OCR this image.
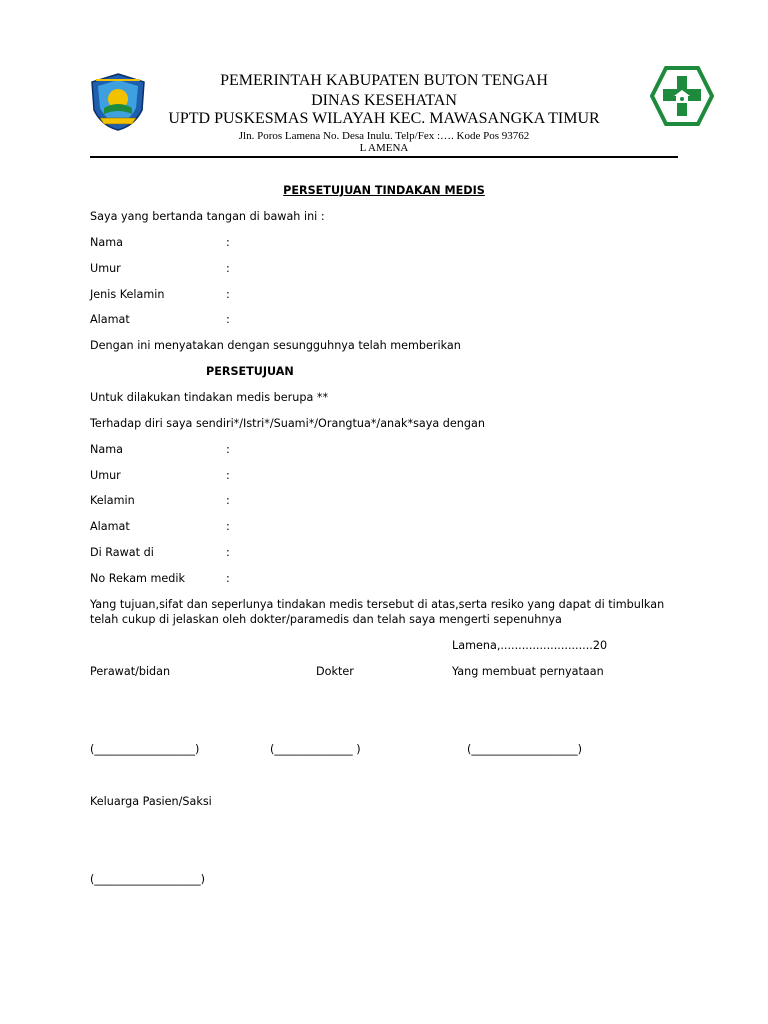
PEMERINTAH KABUPATEN BUTON TENGAH
DINAS KESEHATAN
UPTD PUSKESMAS WILAYAH KEC. MAWASANGKA TIMUR
Jln. Poros Lamena No. Desa Inulu. Telp/Fex :…. Kode Pos 93762
L AMENA
PERSETUJUAN TINDAKAN MEDIS
Saya yang bertanda tangan di bawah ini :
Nama	:
Umur	:
Jenis Kelamin	:
Alamat	:
Dengan ini menyatakan dengan sesungguhnya telah memberikan
PERSETUJUAN
Untuk dilakukan tindakan medis berupa **
Terhadap diri saya sendiri*/Istri*/Suami*/Orangtua*/anak*saya dengan
Nama	:
Umur	:
Kelamin	:
Alamat	:
Di Rawat di	:
No Rekam medik	:
Yang tujuan,sifat dan seperlunya tindakan medis tersebut di atas,serta resiko yang dapat di timbulkan
telah cukup di jelaskan oleh dokter/paramedis dan telah saya mengerti sepenuhnya
Lamena,..........................20
Perawat/bidan	Dokter	Yang membuat pernyataan
(__________________)	(______________ )	(___________________)
Keluarga Pasien/Saksi
(___________________)
